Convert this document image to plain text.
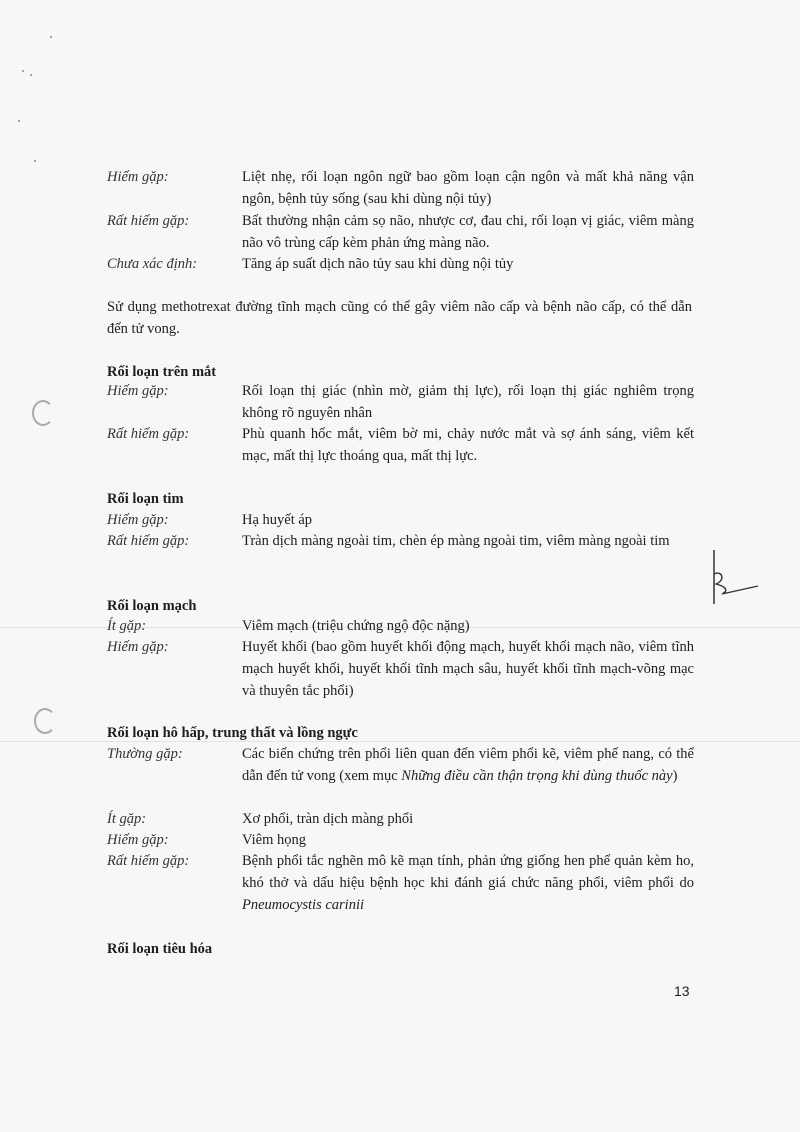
Hiếm gặp:	Liệt nhẹ, rối loạn ngôn ngữ bao gồm loạn cận ngôn và mất khả năng vận ngôn, bệnh tủy sống (sau khi dùng nội tủy)
Rất hiếm gặp:	Bất thường nhận cảm sọ não, nhược cơ, đau chi, rối loạn vị giác, viêm màng não vô trùng cấp kèm phản ứng màng não.
Chưa xác định:	Tăng áp suất dịch não tủy sau khi dùng nội tủy
Sử dụng methotrexat đường tĩnh mạch cũng có thể gây viêm não cấp và bệnh não cấp, có thể dẫn đến tử vong.
Rối loạn trên mắt
Hiếm gặp:	Rối loạn thị giác (nhìn mờ, giảm thị lực), rối loạn thị giác nghiêm trọng không rõ nguyên nhân
Rất hiếm gặp:	Phù quanh hốc mắt, viêm bờ mi, chảy nước mắt và sợ ánh sáng, viêm kết mạc, mất thị lực thoáng qua, mất thị lực.
Rối loạn tim
Hiếm gặp:	Hạ huyết áp
Rất hiếm gặp:	Tràn dịch màng ngoài tim, chèn ép màng ngoài tim, viêm màng ngoài tim
Rối loạn mạch
Ít gặp:	Viêm mạch (triệu chứng ngộ độc nặng)
Hiếm gặp:	Huyết khối (bao gồm huyết khối động mạch, huyết khối mạch não, viêm tĩnh mạch huyết khối, huyết khối tĩnh mạch sâu, huyết khối tĩnh mạch-võng mạc và thuyên tắc phổi)
Rối loạn hô hấp, trung thất và lồng ngực
Thường gặp:	Các biến chứng trên phổi liên quan đến viêm phổi kẽ, viêm phế nang, có thể dẫn đến tử vong (xem mục Những điều cần thận trọng khi dùng thuốc này)
Ít gặp:	Xơ phổi, tràn dịch màng phổi
Hiếm gặp:	Viêm họng
Rất hiếm gặp:	Bệnh phổi tắc nghẽn mô kẽ mạn tính, phản ứng giống hen phế quản kèm ho, khó thở và dấu hiệu bệnh học khi đánh giá chức năng phổi, viêm phổi do Pneumocystis carinii
Rối loạn tiêu hóa
13
